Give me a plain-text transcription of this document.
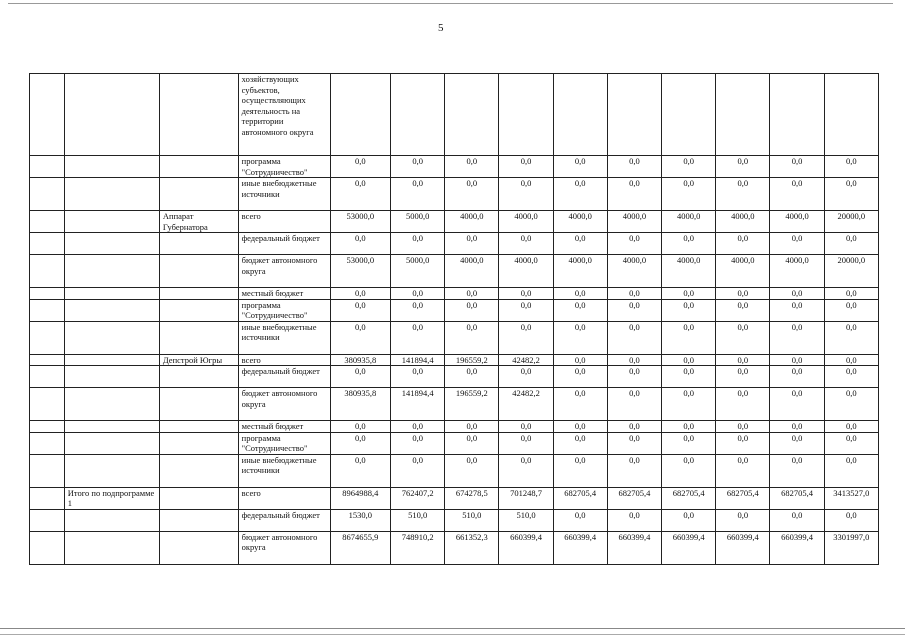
5
			хозяйствующих субъектов, осуществляющих деятельность на территории автономного округа										
			программа "Сотрудничество"	0,0	0,0	0,0	0,0	0,0	0,0	0,0	0,0	0,0	0,0
			иные внебюджетные источники	0,0	0,0	0,0	0,0	0,0	0,0	0,0	0,0	0,0	0,0
		Аппарат Губернатора	всего	53000,0	5000,0	4000,0	4000,0	4000,0	4000,0	4000,0	4000,0	4000,0	20000,0
			федеральный бюджет	0,0	0,0	0,0	0,0	0,0	0,0	0,0	0,0	0,0	0,0
			бюджет автономного округа	53000,0	5000,0	4000,0	4000,0	4000,0	4000,0	4000,0	4000,0	4000,0	20000,0
			местный бюджет	0,0	0,0	0,0	0,0	0,0	0,0	0,0	0,0	0,0	0,0
			программа "Сотрудничество"	0,0	0,0	0,0	0,0	0,0	0,0	0,0	0,0	0,0	0,0
			иные внебюджетные источники	0,0	0,0	0,0	0,0	0,0	0,0	0,0	0,0	0,0	0,0
		Депстрой Югры	всего	380935,8	141894,4	196559,2	42482,2	0,0	0,0	0,0	0,0	0,0	0,0
			федеральный бюджет	0,0	0,0	0,0	0,0	0,0	0,0	0,0	0,0	0,0	0,0
			бюджет автономного округа	380935,8	141894,4	196559,2	42482,2	0,0	0,0	0,0	0,0	0,0	0,0
			местный бюджет	0,0	0,0	0,0	0,0	0,0	0,0	0,0	0,0	0,0	0,0
			программа "Сотрудничество"	0,0	0,0	0,0	0,0	0,0	0,0	0,0	0,0	0,0	0,0
			иные внебюджетные источники	0,0	0,0	0,0	0,0	0,0	0,0	0,0	0,0	0,0	0,0
	Итого по подпрограмме 1		всего	8964988,4	762407,2	674278,5	701248,7	682705,4	682705,4	682705,4	682705,4	682705,4	3413527,0
			федеральный бюджет	1530,0	510,0	510,0	510,0	0,0	0,0	0,0	0,0	0,0	0,0
			бюджет автономного округа	8674655,9	748910,2	661352,3	660399,4	660399,4	660399,4	660399,4	660399,4	660399,4	3301997,0
